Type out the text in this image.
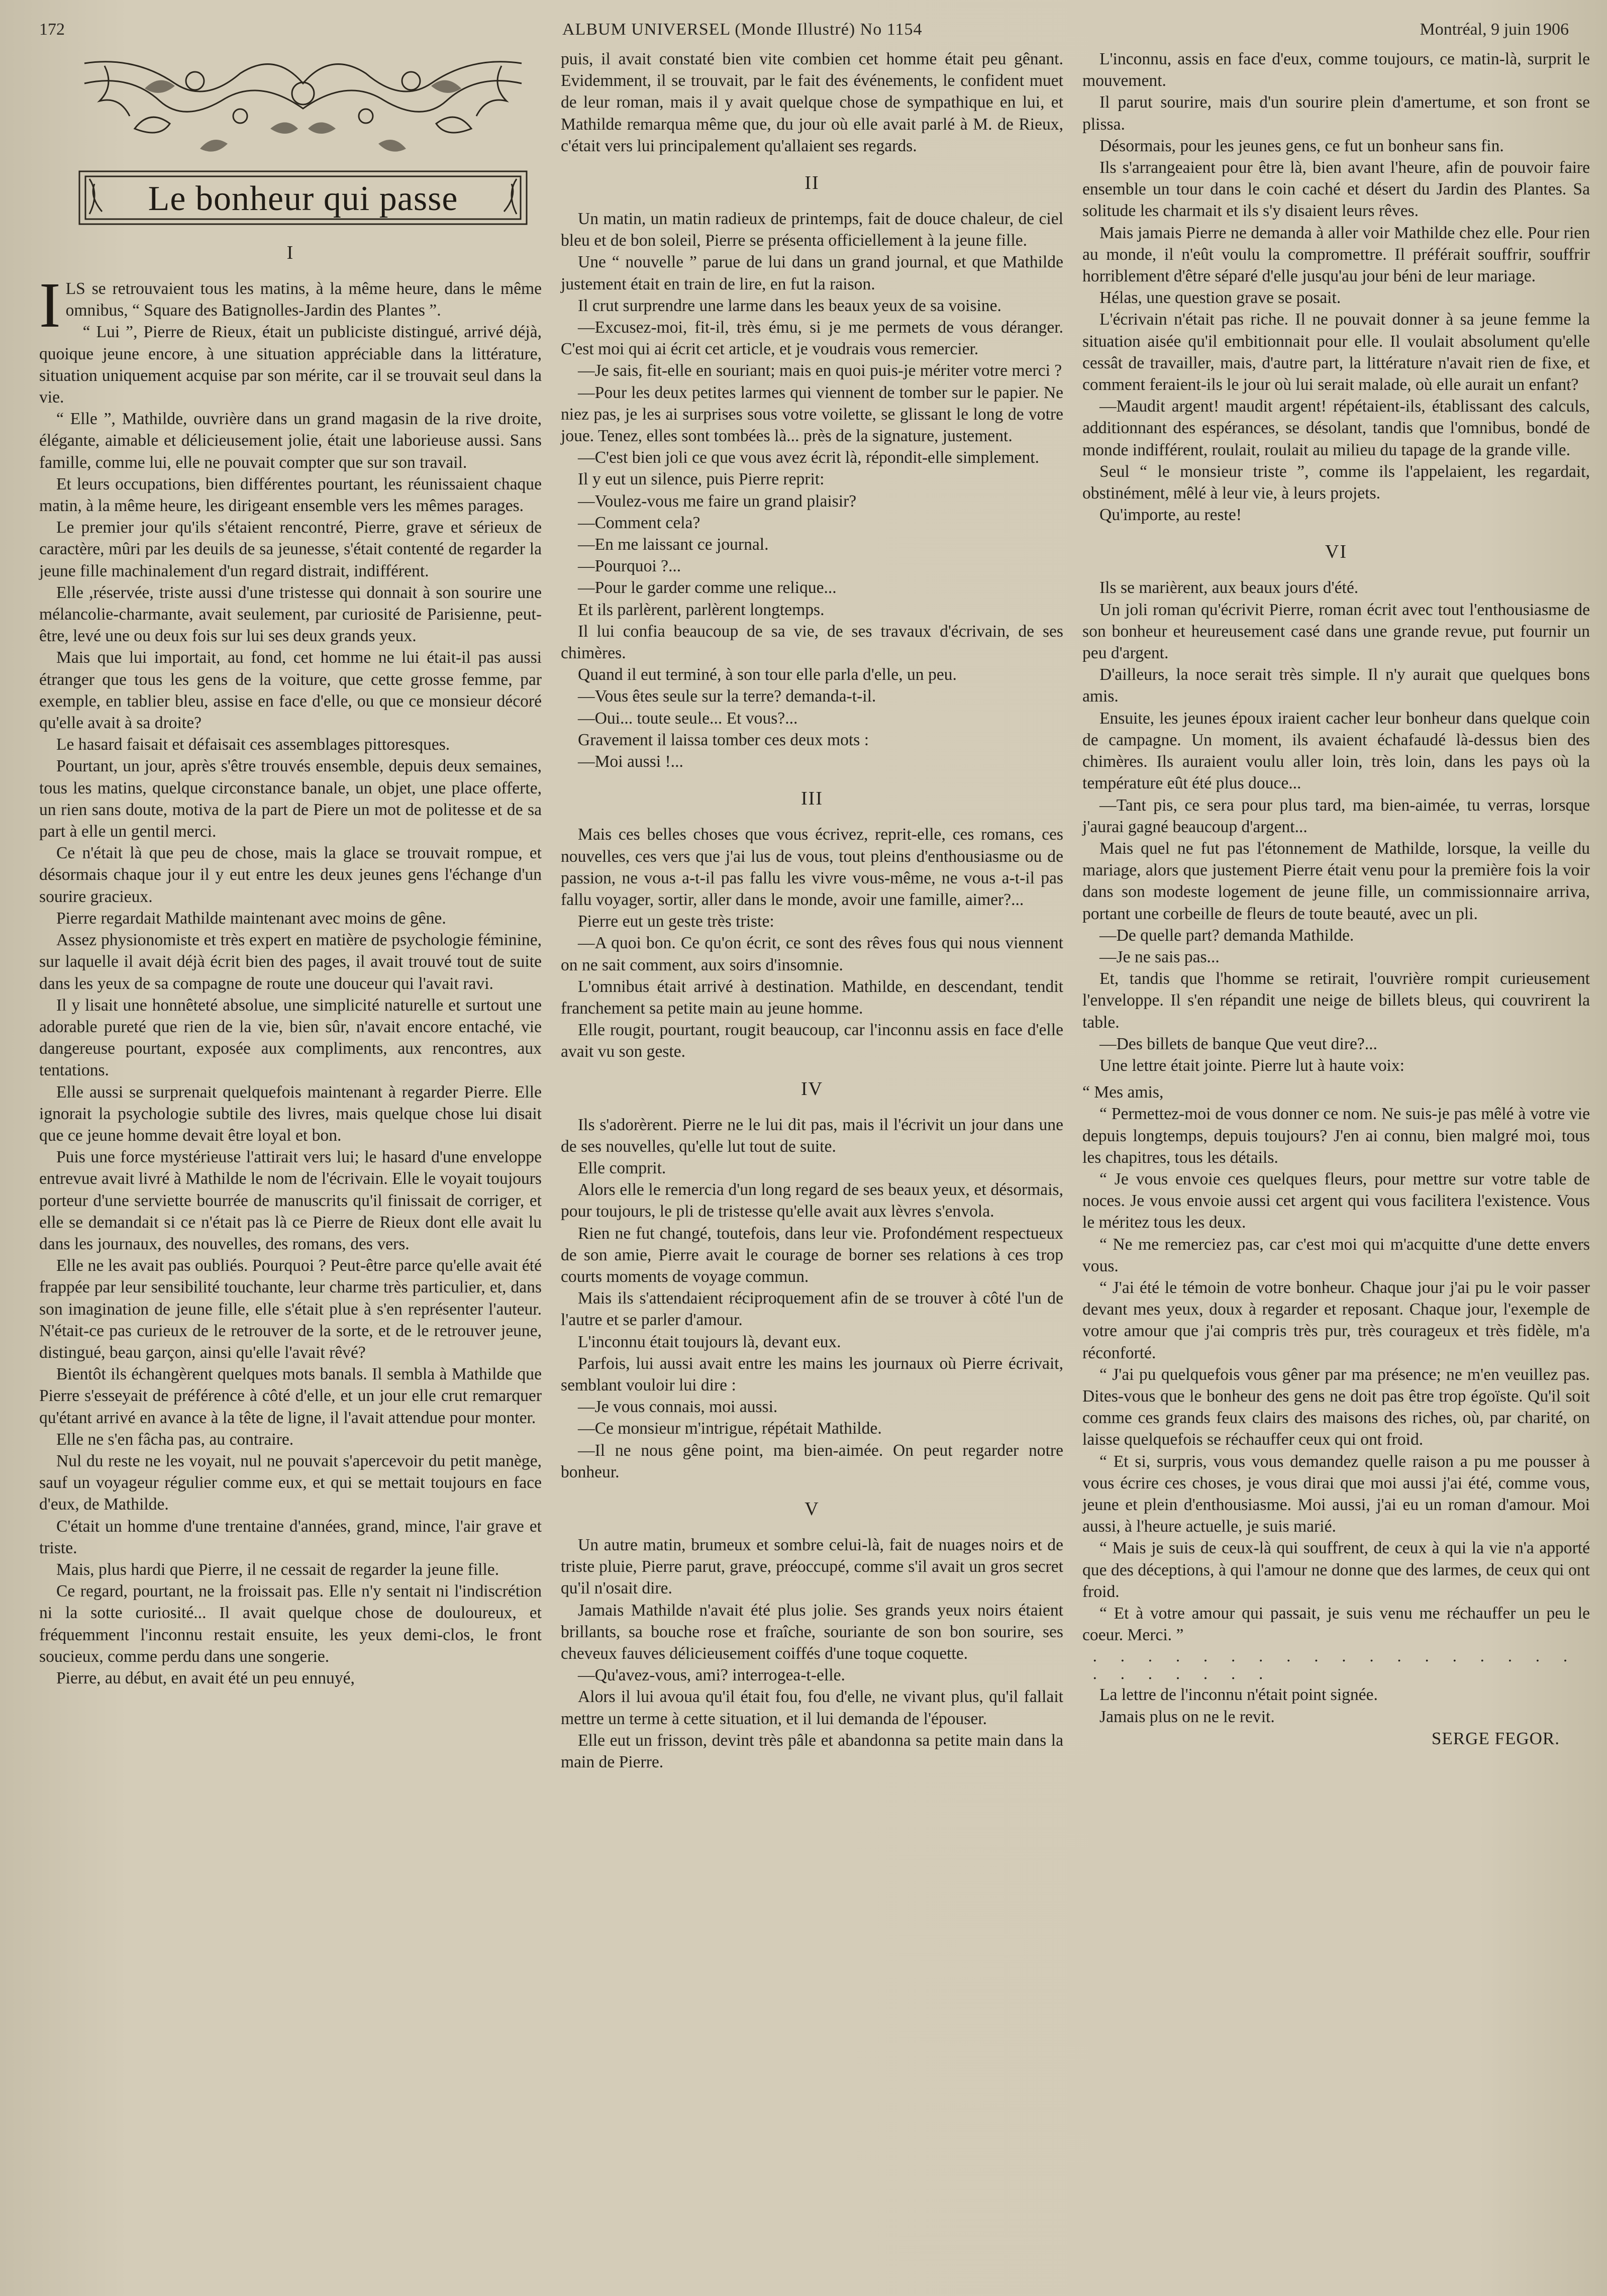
172	ALBUM UNIVERSEL (Monde Illustré) No 1154	Montréal, 9 juin 1906
Le bonheur qui passe
I

ILS se retrouvaient tous les matins, à la même heure, dans le même omnibus, “ Square des Batignolles-Jardin des Plantes ”.

“ Lui ”, Pierre de Rieux, était un publiciste distingué, arrivé déjà, quoique jeune encore, à une situation appréciable dans la littérature, situation uniquement acquise par son mérite, car il se trouvait seul dans la vie.

“ Elle ”, Mathilde, ouvrière dans un grand magasin de la rive droite, élégante, aimable et délicieusement jolie, était une laborieuse aussi. Sans famille, comme lui, elle ne pouvait compter que sur son travail.

Et leurs occupations, bien différentes pourtant, les réunissaient chaque matin, à la même heure, les dirigeant ensemble vers les mêmes parages.

Le premier jour qu'ils s'étaient rencontré, Pierre, grave et sérieux de caractère, mûri par les deuils de sa jeunesse, s'était contenté de regarder la jeune fille machinalement d'un regard distrait, indifférent.

Elle ,réservée, triste aussi d'une tristesse qui donnait à son sourire une mélancolie-charmante, avait seulement, par curiosité de Parisienne, peut-être, levé une ou deux fois sur lui ses deux grands yeux.

Mais que lui importait, au fond, cet homme ne lui était-il pas aussi étranger que tous les gens de la voiture, que cette grosse femme, par exemple, en tablier bleu, assise en face d'elle, ou que ce monsieur décoré qu'elle avait à sa droite?

Le hasard faisait et défaisait ces assemblages pittoresques.

Pourtant, un jour, après s'être trouvés ensemble, depuis deux semaines, tous les matins, quelque circonstance banale, un objet, une place offerte, un rien sans doute, motiva de la part de Piere un mot de politesse et de sa part à elle un gentil merci.

Ce n'était là que peu de chose, mais la glace se trouvait rompue, et désormais chaque jour il y eut entre les deux jeunes gens l'échange d'un sourire gracieux.

Pierre regardait Mathilde maintenant avec moins de gêne.

Assez physionomiste et très expert en matière de psychologie féminine, sur laquelle il avait déjà écrit bien des pages, il avait trouvé tout de suite dans les yeux de sa compagne de route une douceur qui l'avait ravi.

Il y lisait une honnêteté absolue, une simplicité naturelle et surtout une adorable pureté que rien de la vie, bien sûr, n'avait encore entaché, vie dangereuse pourtant, exposée aux compliments, aux rencontres, aux tentations.

Elle aussi se surprenait quelquefois maintenant à regarder Pierre. Elle ignorait la psychologie subtile des livres, mais quelque chose lui disait que ce jeune homme devait être loyal et bon.

Puis une force mystérieuse l'attirait vers lui; le hasard d'une enveloppe entrevue avait livré à Mathilde le nom de l'écrivain. Elle le voyait toujours porteur d'une serviette bourrée de manuscrits qu'il finissait de corriger, et elle se demandait si ce n'était pas là ce Pierre de Rieux dont elle avait lu dans les journaux, des nouvelles, des romans, des vers.

Elle ne les avait pas oubliés. Pourquoi ? Peut-être parce qu'elle avait été frappée par leur sensibilité touchante, leur charme très particulier, et, dans son imagination de jeune fille, elle s'était plue à s'en représenter l'auteur. N'était-ce pas curieux de le retrouver de la sorte, et de le retrouver jeune, distingué, beau garçon, ainsi qu'elle l'avait rêvé?

Bientôt ils échangèrent quelques mots banals. Il sembla à Mathilde que Pierre s'esseyait de préférence à côté d'elle, et un jour elle crut remarquer qu'étant arrivé en avance à la tête de ligne, il l'avait attendue pour monter.

Elle ne s'en fâcha pas, au contraire.

Nul du reste ne les voyait, nul ne pouvait s'apercevoir du petit manège, sauf un voyageur régulier comme eux, et qui se mettait toujours en face d'eux, de Mathilde.

C'était un homme d'une trentaine d'années, grand, mince, l'air grave et triste.

Mais, plus hardi que Pierre, il ne cessait de regarder la jeune fille.

Ce regard, pourtant, ne la froissait pas. Elle n'y sentait ni l'indiscrétion ni la sotte curiosité... Il avait quelque chose de douloureux, et fréquemment l'inconnu restait ensuite, les yeux demi-clos, le front soucieux, comme perdu dans une songerie.

Pierre, au début, en avait été un peu ennuyé,

puis, il avait constaté bien vite combien cet homme était peu gênant. Evidemment, il se trouvait, par le fait des événements, le confident muet de leur roman, mais il y avait quelque chose de sympathique en lui, et Mathilde remarqua même que, du jour où elle avait parlé à M. de Rieux, c'était vers lui principalement qu'allaient ses regards.

II

Un matin, un matin radieux de printemps, fait de douce chaleur, de ciel bleu et de bon soleil, Pierre se présenta officiellement à la jeune fille.

Une “ nouvelle ” parue de lui dans un grand journal, et que Mathilde justement était en train de lire, en fut la raison.

Il crut surprendre une larme dans les beaux yeux de sa voisine.

—Excusez-moi, fit-il, très ému, si je me permets de vous déranger. C'est moi qui ai écrit cet article, et je voudrais vous remercier.

—Je sais, fit-elle en souriant; mais en quoi puis-je mériter votre merci ?

—Pour les deux petites larmes qui viennent de tomber sur le papier. Ne niez pas, je les ai surprises sous votre voilette, se glissant le long de votre joue. Tenez, elles sont tombées là... près de la signature, justement.

—C'est bien joli ce que vous avez écrit là, répondit-elle simplement.

Il y eut un silence, puis Pierre reprit:

—Voulez-vous me faire un grand plaisir?

—Comment cela?

—En me laissant ce journal.

—Pourquoi ?...

—Pour le garder comme une relique...

Et ils parlèrent, parlèrent longtemps.

Il lui confia beaucoup de sa vie, de ses travaux d'écrivain, de ses chimères.

Quand il eut terminé, à son tour elle parla d'elle, un peu.

—Vous êtes seule sur la terre? demanda-t-il.

—Oui... toute seule... Et vous?...

Gravement il laissa tomber ces deux mots :

—Moi aussi !...

III

Mais ces belles choses que vous écrivez, reprit-elle, ces romans, ces nouvelles, ces vers que j'ai lus de vous, tout pleins d'enthousiasme ou de passion, ne vous a-t-il pas fallu les vivre vous-même, ne vous a-t-il pas fallu voyager, sortir, aller dans le monde, avoir une famille, aimer?...

Pierre eut un geste très triste:

—A quoi bon. Ce qu'on écrit, ce sont des rêves fous qui nous viennent on ne sait comment, aux soirs d'insomnie.

L'omnibus était arrivé à destination. Mathilde, en descendant, tendit franchement sa petite main au jeune homme.

Elle rougit, pourtant, rougit beaucoup, car l'inconnu assis en face d'elle avait vu son geste.

IV

Ils s'adorèrent. Pierre ne le lui dit pas, mais il l'écrivit un jour dans une de ses nouvelles, qu'elle lut tout de suite.

Elle comprit.

Alors elle le remercia d'un long regard de ses beaux yeux, et désormais, pour toujours, le pli de tristesse qu'elle avait aux lèvres s'envola.

Rien ne fut changé, toutefois, dans leur vie. Profondément respectueux de son amie, Pierre avait le courage de borner ses relations à ces trop courts moments de voyage commun.

Mais ils s'attendaient réciproquement afin de se trouver à côté l'un de l'autre et se parler d'amour.

L'inconnu était toujours là, devant eux.

Parfois, lui aussi avait entre les mains les journaux où Pierre écrivait, semblant vouloir lui dire :

—Je vous connais, moi aussi.

—Ce monsieur m'intrigue, répétait Mathilde.

—Il ne nous gêne point, ma bien-aimée. On peut regarder notre bonheur.

V

Un autre matin, brumeux et sombre celui-là, fait de nuages noirs et de triste pluie, Pierre parut, grave, préoccupé, comme s'il avait un gros secret qu'il n'osait dire.

Jamais Mathilde n'avait été plus jolie. Ses grands yeux noirs étaient brillants, sa bouche rose et fraîche, souriante de son bon sourire, ses cheveux fauves délicieusement coiffés d'une toque coquette.

—Qu'avez-vous, ami? interrogea-t-elle.

Alors il lui avoua qu'il était fou, fou d'elle, ne vivant plus, qu'il fallait mettre un terme à cette situation, et il lui demanda de l'épouser.

Elle eut un frisson, devint très pâle et abandonna sa petite main dans la main de Pierre.

L'inconnu, assis en face d'eux, comme toujours, ce matin-là, surprit le mouvement.

Il parut sourire, mais d'un sourire plein d'amertume, et son front se plissa.

Désormais, pour les jeunes gens, ce fut un bonheur sans fin.

Ils s'arrangeaient pour être là, bien avant l'heure, afin de pouvoir faire ensemble un tour dans le coin caché et désert du Jardin des Plantes. Sa solitude les charmait et ils s'y disaient leurs rêves.

Mais jamais Pierre ne demanda à aller voir Mathilde chez elle. Pour rien au monde, il n'eût voulu la compromettre. Il préférait souffrir, souffrir horriblement d'être séparé d'elle jusqu'au jour béni de leur mariage.

Hélas, une question grave se posait.

L'écrivain n'était pas riche. Il ne pouvait donner à sa jeune femme la situation aisée qu'il embitionnait pour elle. Il voulait absolument qu'elle cessât de travailler, mais, d'autre part, la littérature n'avait rien de fixe, et comment feraient-ils le jour où lui serait malade, où elle aurait un enfant?

—Maudit argent! maudit argent! répétaient-ils, établissant des calculs, additionnant des espérances, se désolant, tandis que l'omnibus, bondé de monde indifférent, roulait, roulait au milieu du tapage de la grande ville.

Seul “ le monsieur triste ”, comme ils l'appelaient, les regardait, obstinément, mêlé à leur vie, à leurs projets.

Qu'importe, au reste!

VI

Ils se marièrent, aux beaux jours d'été.

Un joli roman qu'écrivit Pierre, roman écrit avec tout l'enthousiasme de son bonheur et heureusement casé dans une grande revue, put fournir un peu d'argent.

D'ailleurs, la noce serait très simple. Il n'y aurait que quelques bons amis.

Ensuite, les jeunes époux iraient cacher leur bonheur dans quelque coin de campagne. Un moment, ils avaient échafaudé là-dessus bien des chimères. Ils auraient voulu aller loin, très loin, dans les pays où la température eût été plus douce...

—Tant pis, ce sera pour plus tard, ma bien-aimée, tu verras, lorsque j'aurai gagné beaucoup d'argent...

Mais quel ne fut pas l'étonnement de Mathilde, lorsque, la veille du mariage, alors que justement Pierre était venu pour la première fois la voir dans son modeste logement de jeune fille, un commissionnaire arriva, portant une corbeille de fleurs de toute beauté, avec un pli.

—De quelle part? demanda Mathilde.

—Je ne sais pas...

Et, tandis que l'homme se retirait, l'ouvrière rompit curieusement l'enveloppe. Il s'en répandit une neige de billets bleus, qui couvrirent la table.

—Des billets de banque Que veut dire?...

Une lettre était jointe. Pierre lut à haute voix:

“ Mes amis,

“ Permettez-moi de vous donner ce nom. Ne suis-je pas mêlé à votre vie depuis longtemps, depuis toujours? J'en ai connu, bien malgré moi, tous les chapitres, tous les détails.

“ Je vous envoie ces quelques fleurs, pour mettre sur votre table de noces. Je vous envoie aussi cet argent qui vous facilitera l'existence. Vous le méritez tous les deux.

“ Ne me remerciez pas, car c'est moi qui m'acquitte d'une dette envers vous.

“ J'ai été le témoin de votre bonheur. Chaque jour j'ai pu le voir passer devant mes yeux, doux à regarder et reposant. Chaque jour, l'exemple de votre amour que j'ai compris très pur, très courageux et très fidèle, m'a réconforté.

“ J'ai pu quelquefois vous gêner par ma présence; ne m'en veuillez pas. Dites-vous que le bonheur des gens ne doit pas être trop égoïste. Qu'il soit comme ces grands feux clairs des maisons des riches, où, par charité, on laisse quelquefois se réchauffer ceux qui ont froid.

“ Et si, surpris, vous vous demandez quelle raison a pu me pousser à vous écrire ces choses, je vous dirai que moi aussi j'ai été, comme vous, jeune et plein d'enthousiasme. Moi aussi, j'ai eu un roman d'amour. Moi aussi, à l'heure actuelle, je suis marié.

“ Mais je suis de ceux-là qui souffrent, de ceux à qui la vie n'a apporté que des déceptions, à qui l'amour ne donne que des larmes, de ceux qui ont froid.

“ Et à votre amour qui passait, je suis venu me réchauffer un peu le coeur. Merci. ”

. . . . . . . . . . . . . . . . . . . . . . . . .

La lettre de l'inconnu n'était point signée.

Jamais plus on ne le revit.

SERGE FEGOR.
